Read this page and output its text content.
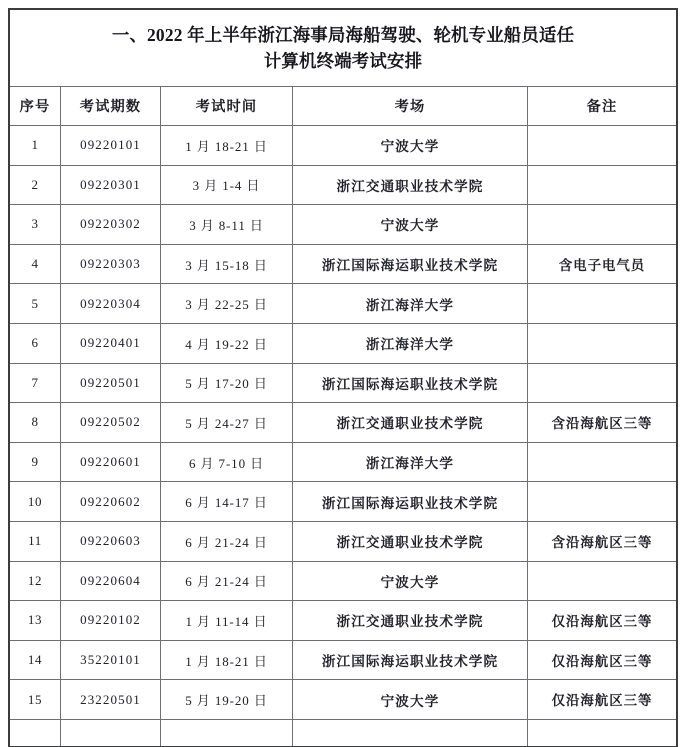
一、2022 年上半年浙江海事局海船驾驶、轮机专业船员适任
计算机终端考试安排				

序号	考试期数	考试时间	考场	备注
1	09220101	1 月 18-21 日	宁波大学	
2	09220301	3 月 1-4 日	浙江交通职业技术学院	
3	09220302	3 月 8-11 日	宁波大学	
4	09220303	3 月 15-18 日	浙江国际海运职业技术学院	含电子电气员
5	09220304	3 月 22-25 日	浙江海洋大学	
6	09220401	4 月 19-22 日	浙江海洋大学	
7	09220501	5 月 17-20 日	浙江国际海运职业技术学院	
8	09220502	5 月 24-27 日	浙江交通职业技术学院	含沿海航区三等
9	09220601	6 月 7-10 日	浙江海洋大学	
10	09220602	6 月 14-17 日	浙江国际海运职业技术学院	
11	09220603	6 月 21-24 日	浙江交通职业技术学院	含沿海航区三等
12	09220604	6 月 21-24 日	宁波大学	
13	09220102	1 月 11-14 日	浙江交通职业技术学院	仅沿海航区三等
14	35220101	1 月 18-21 日	浙江国际海运职业技术学院	仅沿海航区三等
15	23220501	5 月 19-20 日	宁波大学	仅沿海航区三等
